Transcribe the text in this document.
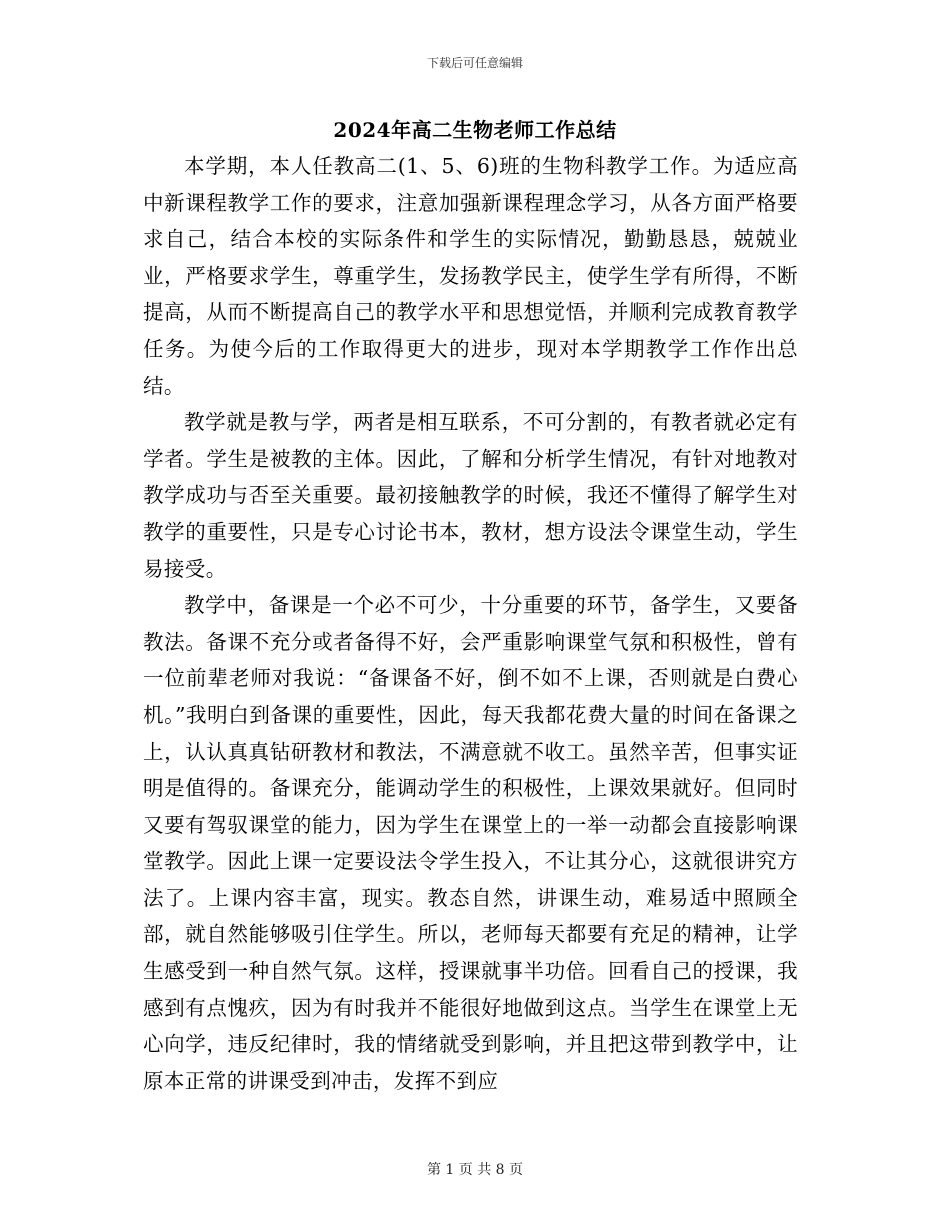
下载后可任意编辑
2024年高二生物老师工作总结

本学期，本人任教高二(1、5、6)班的生物科教学工作。为适应高中新课程教学工作的要求，注意加强新课程理念学习，从各方面严格要求自己，结合本校的实际条件和学生的实际情况，勤勤恳恳，兢兢业业，严格要求学生，尊重学生，发扬教学民主，使学生学有所得，不断提高，从而不断提高自己的教学水平和思想觉悟，并顺利完成教育教学任务。为使今后的工作取得更大的进步，现对本学期教学工作作出总结。

教学就是教与学，两者是相互联系，不可分割的，有教者就必定有学者。学生是被教的主体。因此，了解和分析学生情况，有针对地教对教学成功与否至关重要。最初接触教学的时候，我还不懂得了解学生对教学的重要性，只是专心讨论书本，教材，想方设法令课堂生动，学生易接受。

教学中，备课是一个必不可少，十分重要的环节，备学生，又要备教法。备课不充分或者备得不好，会严重影响课堂气氛和积极性，曾有一位前辈老师对我说：“备课备不好，倒不如不上课，否则就是白费心机。”我明白到备课的重要性，因此，每天我都花费大量的时间在备课之上，认认真真钻研教材和教法，不满意就不收工。虽然辛苦，但事实证明是值得的。备课充分，能调动学生的积极性，上课效果就好。但同时又要有驾驭课堂的能力，因为学生在课堂上的一举一动都会直接影响课堂教学。因此上课一定要设法令学生投入，不让其分心，这就很讲究方法了。上课内容丰富，现实。教态自然，讲课生动，难易适中照顾全部，就自然能够吸引住学生。所以，老师每天都要有充足的精神，让学生感受到一种自然气氛。这样，授课就事半功倍。回看自己的授课，我感到有点愧疚，因为有时我并不能很好地做到这点。当学生在课堂上无心向学，违反纪律时，我的情绪就受到影响，并且把这带到教学中，让原本正常的讲课受到冲击，发挥不到应

第 1 页 共 8 页
